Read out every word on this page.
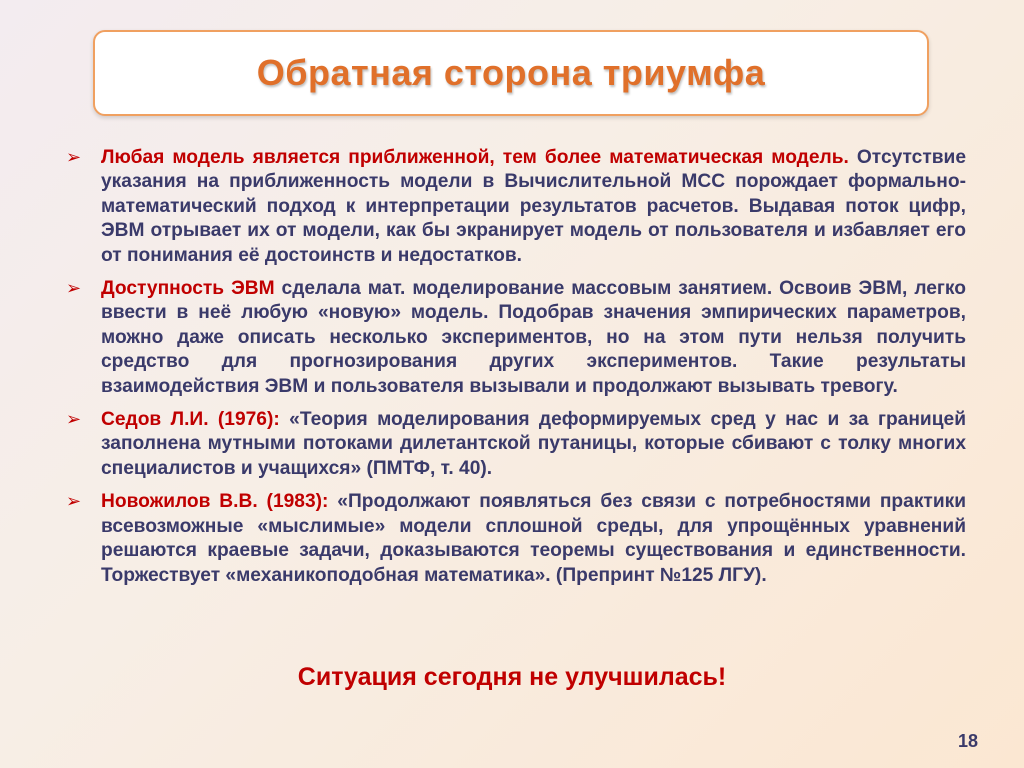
Обратная сторона триумфа
➢ Любая модель является приближенной, тем более математическая модель. Отсутствие указания на приближенность модели в Вычислительной МСС порождает формально-математический подход к интерпретации результатов расчетов. Выдавая поток цифр, ЭВМ отрывает их от модели, как бы экранирует модель от пользователя и избавляет его от понимания её достоинств и недостатков.

➢ Доступность ЭВМ сделала мат. моделирование массовым занятием. Освоив ЭВМ, легко ввести в неё любую «новую» модель. Подобрав значения эмпирических параметров, можно даже описать несколько экспериментов, но на этом пути нельзя получить средство для прогнозирования других экспериментов. Такие результаты взаимодействия ЭВМ и пользователя вызывали и продолжают вызывать тревогу.

➢ Седов Л.И. (1976): «Теория моделирования деформируемых сред у нас и за границей заполнена мутными потоками дилетантской путаницы, которые сбивают с толку многих специалистов и учащихся» (ПМТФ, т. 40).

➢ Новожилов В.В. (1983): «Продолжают появляться без связи с потребностями практики всевозможные «мыслимые» модели сплошной среды, для упрощённых уравнений решаются краевые задачи, доказываются теоремы существования и единственности. Торжествует «механикоподобная математика». (Препринт №125 ЛГУ).

Ситуация сегодня не улучшилась!
18
